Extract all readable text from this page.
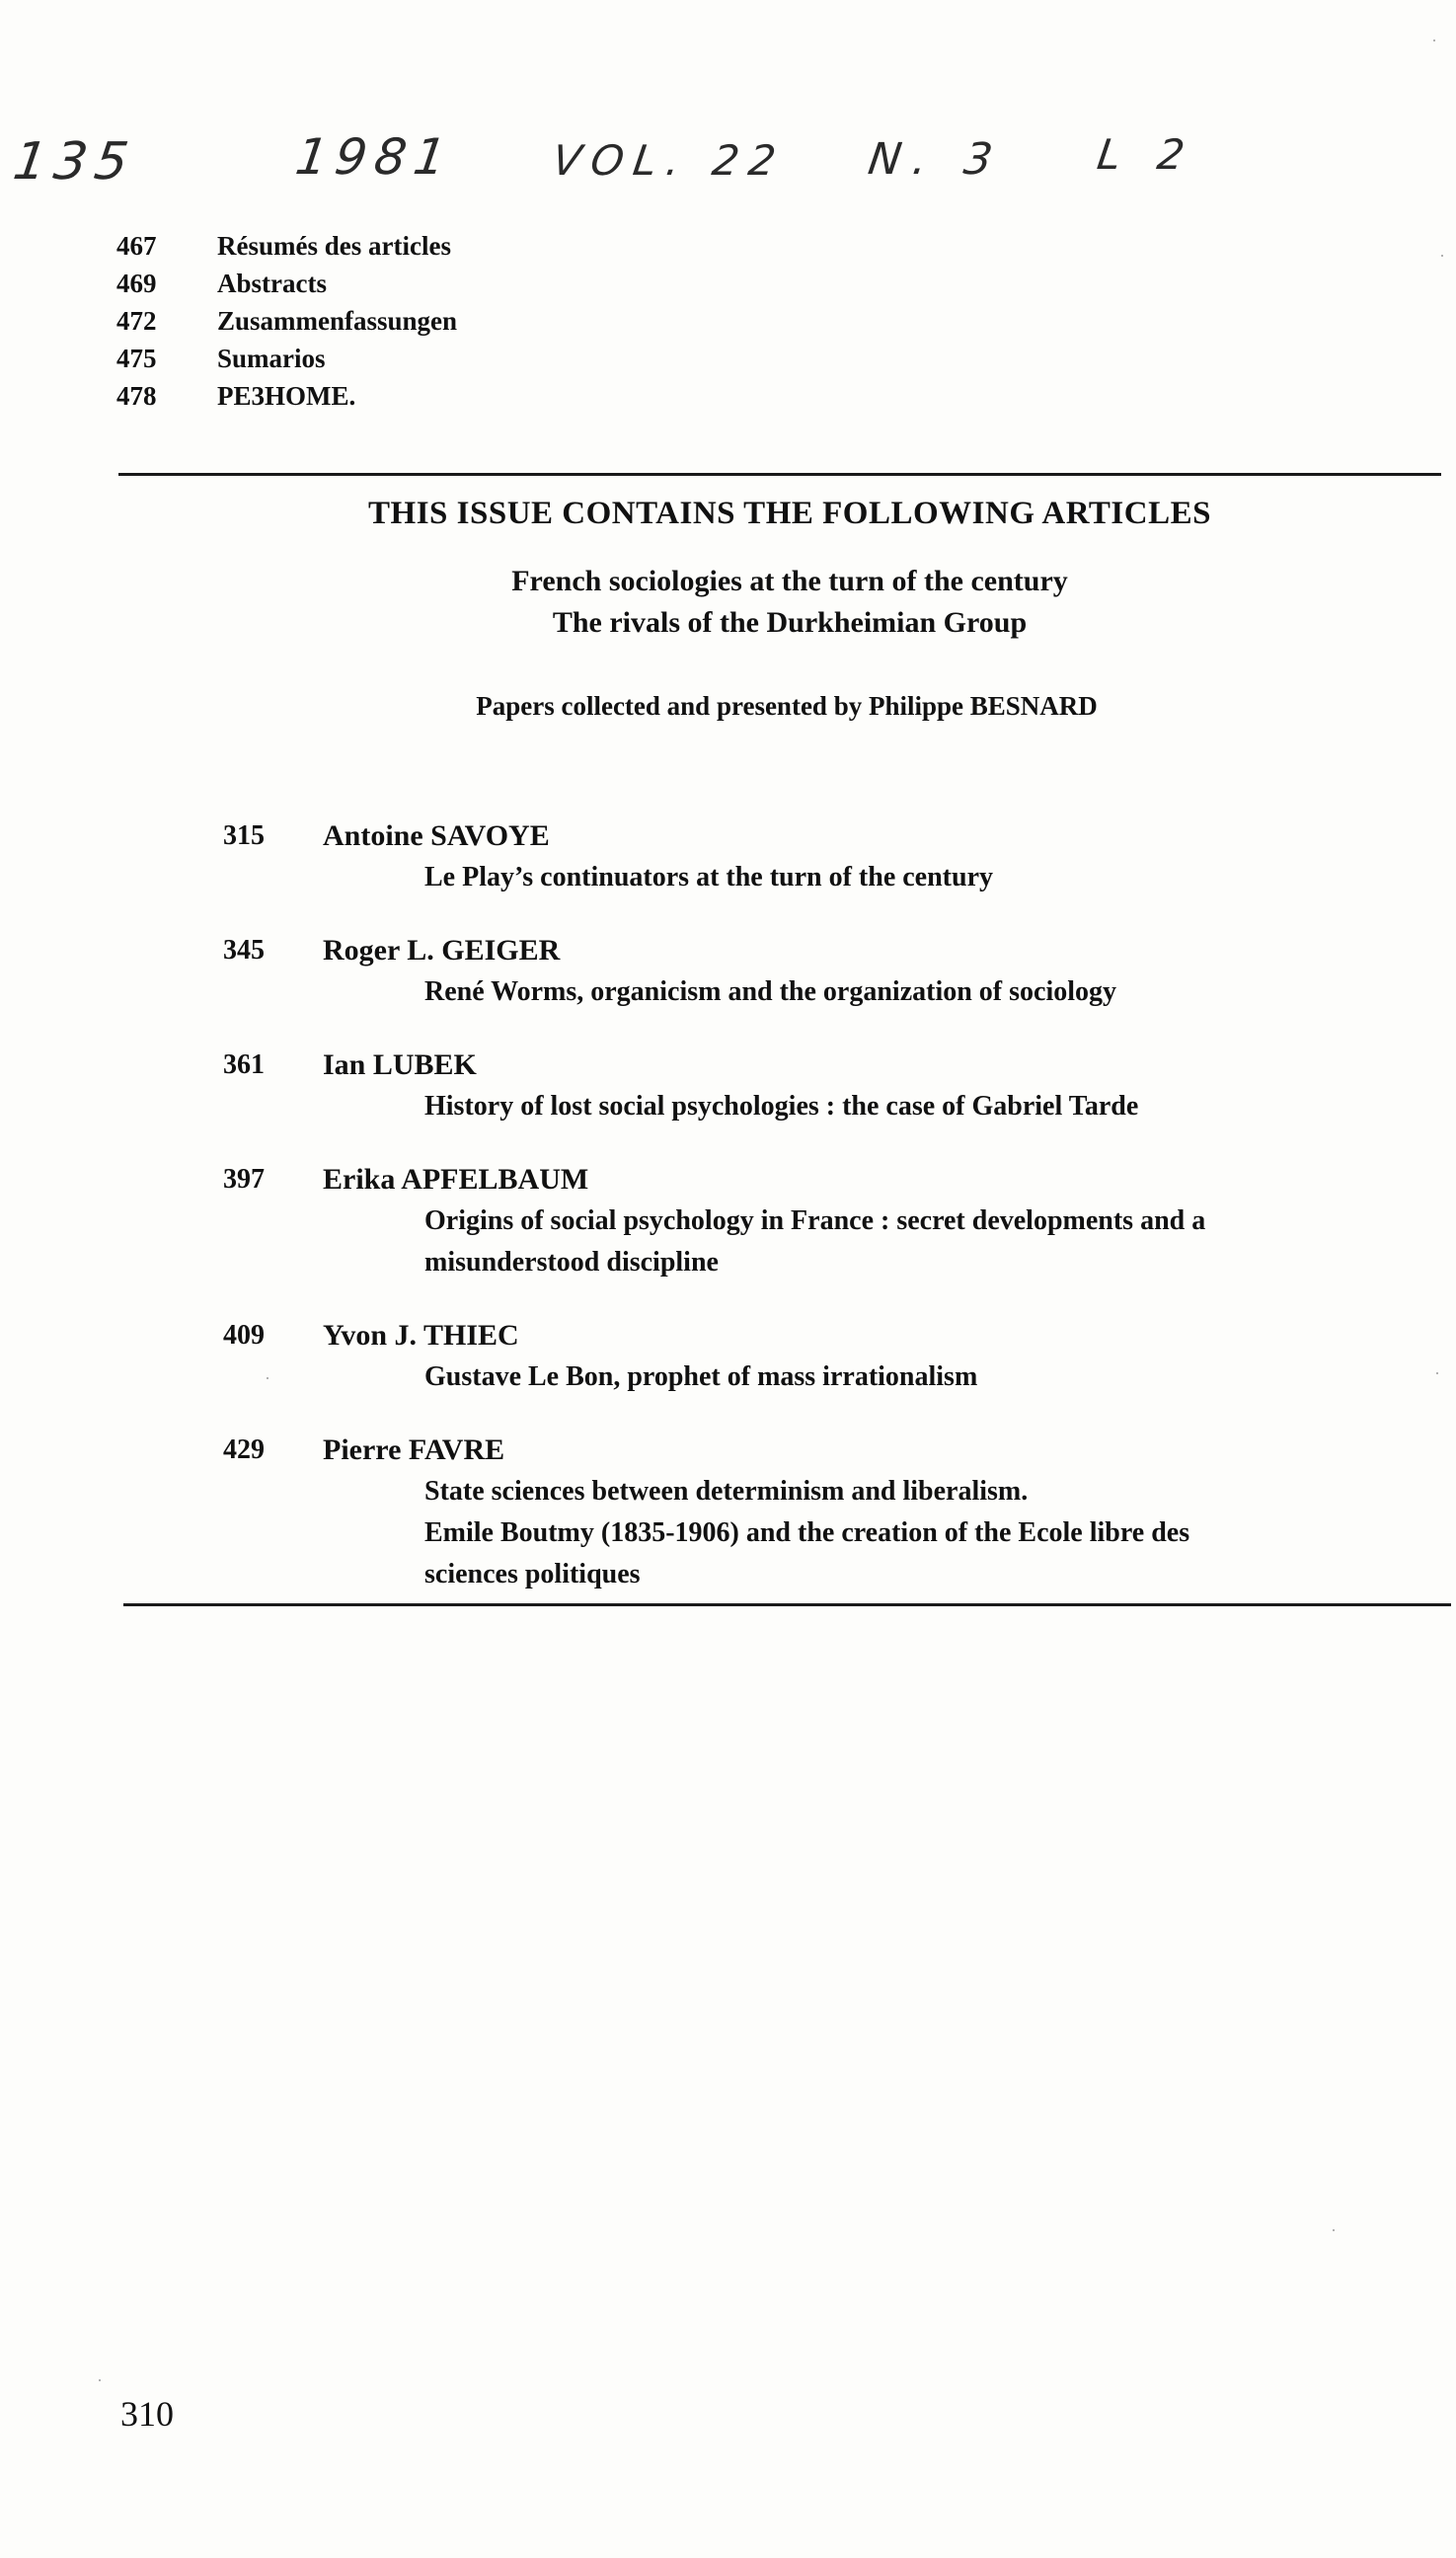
135	1981 VOL. 22 N. 3 L 2
467	Résumés des articles
469	Abstracts
472	Zusammenfassungen
475	Sumarios
478	PE3HOME.
THIS ISSUE CONTAINS THE FOLLOWING ARTICLES
French sociologies at the turn of the century
The rivals of the Durkheimian Group
Papers collected and presented by Philippe BESNARD
315	Antoine SAVOYE
Le Play’s continuators at the turn of the century
345	Roger L. GEIGER
René Worms, organicism and the organization of sociology
361	Ian LUBEK
History of lost social psychologies : the case of Gabriel Tarde
397	Erika APFELBAUM
Origins of social psychology in France : secret developments and a
misunderstood discipline
409	Yvon J. THIEC
Gustave Le Bon, prophet of mass irrationalism
429	Pierre FAVRE
State sciences between determinism and liberalism.
Emile Boutmy (1835-1906) and the creation of the Ecole libre des
sciences politiques
310
